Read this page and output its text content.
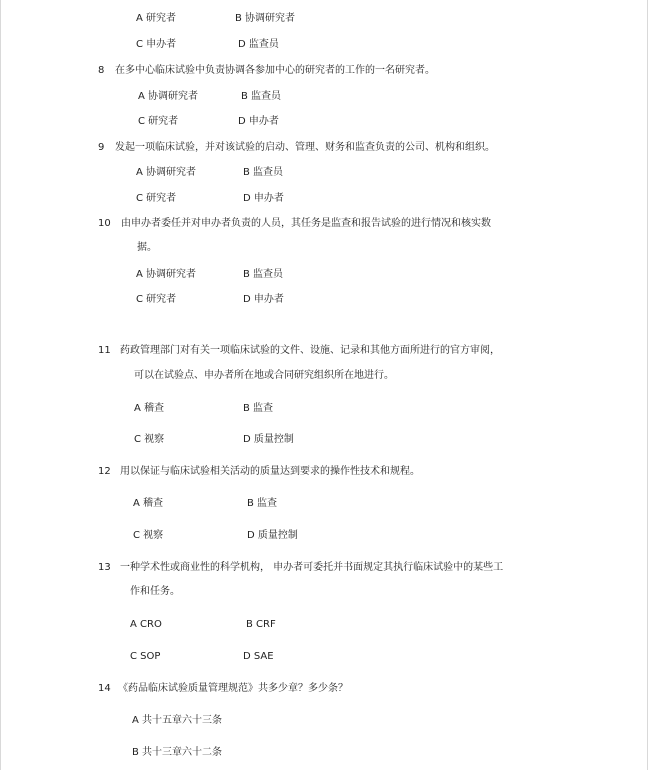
A 研究者	B 协调研究者
C 申办者	D 监查员
8 在多中心临床试验中负责协调各参加中心的研究者的工作的一名研究者。
A 协调研究者	B 监查员
C 研究者	D 申办者
9 发起一项临床试验，并对该试验的启动、管理、财务和监查负责的公司、机构和组织。
A 协调研究者	B 监查员
C 研究者	D 申办者
10 由申办者委任并对申办者负责的人员，其任务是监查和报告试验的进行情况和核实数
据。
A 协调研究者	B 监查员
C 研究者	D 申办者
11 药政管理部门对有关一项临床试验的文件、设施、记录和其他方面所进行的官方审阅，
可以在试验点、申办者所在地或合同研究组织所在地进行。
A 稽查	B 监查
C 视察	D 质量控制
12 用以保证与临床试验相关活动的质量达到要求的操作性技术和规程。
A 稽查	B 监查
C 视察	D 质量控制
13 一种学术性或商业性的科学机构， 申办者可委托并书面规定其执行临床试验中的某些工
作和任务。
A CRO	B CRF
C SOP	D SAE
14 《药品临床试验质量管理规范》共多少章？多少条？
A 共十五章六十三条
B 共十三章六十二条
